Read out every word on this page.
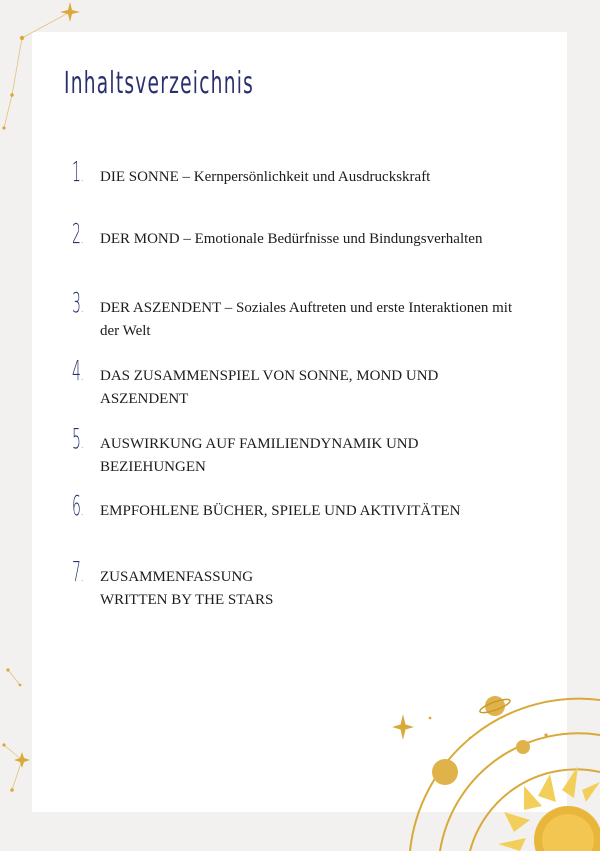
Inhaltsverzeichnis
1. DIE SONNE – Kernpersönlichkeit und Ausdruckskraft
2. DER MOND – Emotionale Bedürfnisse und Bindungsverhalten
3. DER ASZENDENT – Soziales Auftreten und erste Interaktionen mit der Welt
4. DAS ZUSAMMENSPIEL VON SONNE, MOND UND ASZENDENT
5. AUSWIRKUNG AUF FAMILIENDYNAMIK UND BEZIEHUNGEN
6. EMPFOHLENE BÜCHER, SPIELE UND AKTIVITÄTEN
7. ZUSAMMENFASSUNG
WRITTEN BY THE STARS
